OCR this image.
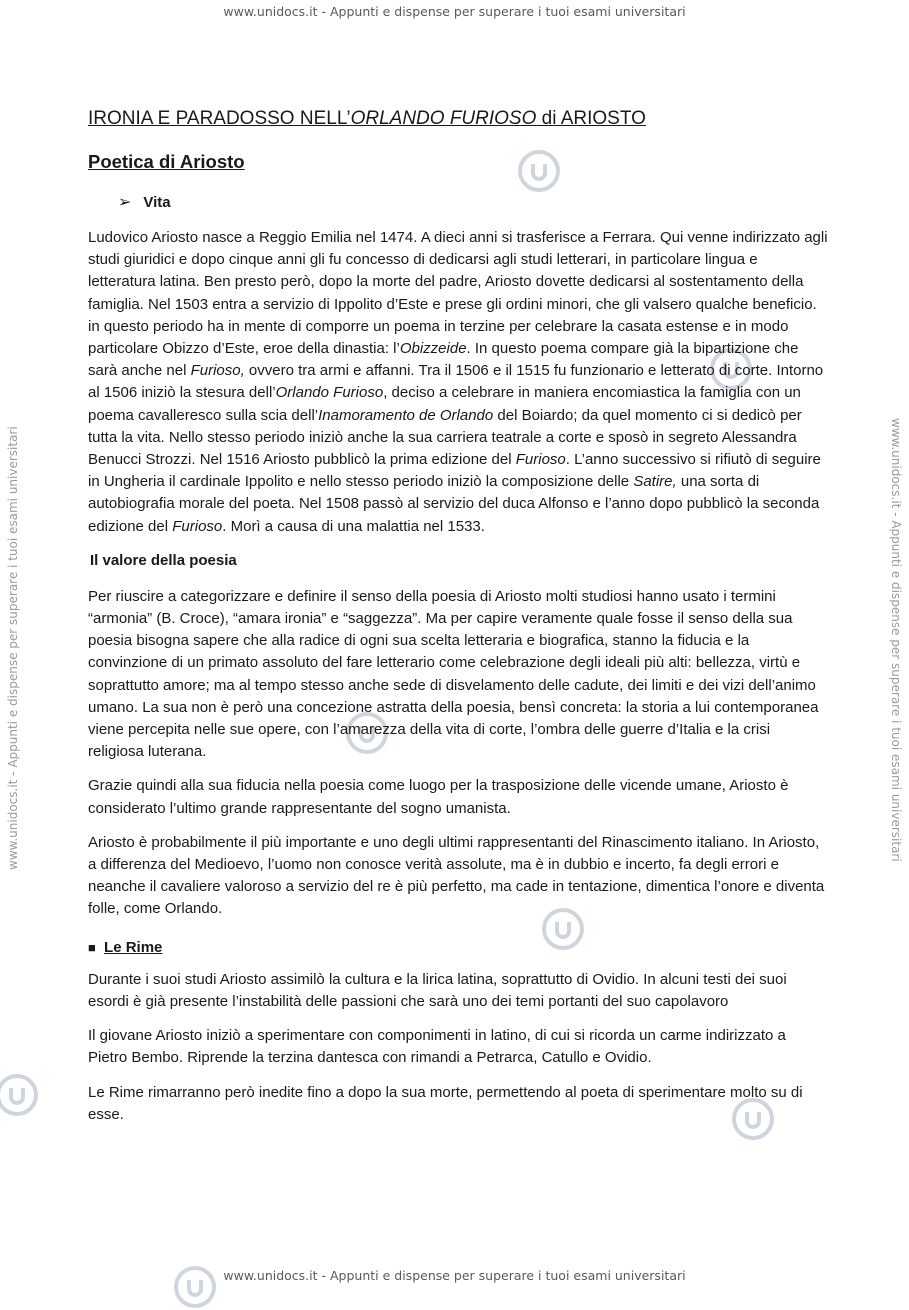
www.unidocs.it - Appunti e dispense per superare i tuoi esami universitari
www.unidocs.it - Appunti e dispense per superare i tuoi esami universitari
www.unidocs.it - Appunti e dispense per superare i tuoi esami universitari	www.unidocs.it - Appunti e dispense per superare i tuoi esami universitari
IRONIA E PARADOSSO NELL’ORLANDO FURIOSO di ARIOSTO
Poetica di Ariosto
➢ Vita

Ludovico Ariosto nasce a Reggio Emilia nel 1474. A dieci anni si trasferisce a Ferrara. Qui venne indirizzato agli studi giuridici e dopo cinque anni gli fu concesso di dedicarsi agli studi letterari, in particolare lingua e letteratura latina. Ben presto però, dopo la morte del padre, Ariosto dovette dedicarsi al sostentamento della famiglia. Nel 1503 entra a servizio di Ippolito d’Este e prese gli ordini minori, che gli valsero qualche beneficio. in questo periodo ha in mente di comporre un poema in terzine per celebrare la casata estense e in modo particolare Obizzo d’Este, eroe della dinastia: l’Obizzeide. In questo poema compare già la bipartizione che sarà anche nel Furioso, ovvero tra armi e affanni. Tra il 1506 e il 1515 fu funzionario e letterato di corte. Intorno al 1506 iniziò la stesura dell’Orlando Furioso, deciso a celebrare in maniera encomiastica la famiglia con un poema cavalleresco sulla scia dell’Inamoramento de Orlando del Boiardo; da quel momento ci si dedicò per tutta la vita. Nello stesso periodo iniziò anche la sua carriera teatrale a corte e sposò in segreto Alessandra Benucci Strozzi. Nel 1516 Ariosto pubblicò la prima edizione del Furioso. L’anno successivo si rifiutò di seguire in Ungheria il cardinale Ippolito e nello stesso periodo iniziò la composizione delle Satire, una sorta di autobiografia morale del poeta. Nel 1508 passò al servizio del duca Alfonso e l’anno dopo pubblicò la seconda edizione del Furioso. Morì a causa di una malattia nel 1533.

Il valore della poesia

Per riuscire a categorizzare e definire il senso della poesia di Ariosto molti studiosi hanno usato i termini “armonia” (B. Croce), “amara ironia” e “saggezza”. Ma per capire veramente quale fosse il senso della sua poesia bisogna sapere che alla radice di ogni sua scelta letteraria e biografica, stanno la fiducia e la convinzione di un primato assoluto del fare letterario come celebrazione degli ideali più alti: bellezza, virtù e soprattutto amore; ma al tempo stesso anche sede di disvelamento delle cadute, dei limiti e dei vizi dell’animo umano. La sua non è però una concezione astratta della poesia, bensì concreta: la storia a lui contemporanea viene percepita nelle sue opere, con l’amarezza della vita di corte, l’ombra delle guerre d’Italia e la crisi religiosa luterana.

Grazie quindi alla sua fiducia nella poesia come luogo per la trasposizione delle vicende umane, Ariosto è considerato l’ultimo grande rappresentante del sogno umanista.

Ariosto è probabilmente il più importante e uno degli ultimi rappresentanti del Rinascimento italiano. In Ariosto, a differenza del Medioevo, l’uomo non conosce verità assolute, ma è in dubbio e incerto, fa degli errori e neanche il cavaliere valoroso a servizio del re è più perfetto, ma cade in tentazione, dimentica l’onore e diventa folle, come Orlando.

■ Le Rime

Durante i suoi studi Ariosto assimilò la cultura e la lirica latina, soprattutto di Ovidio. In alcuni testi dei suoi esordi è già presente l’instabilità delle passioni che sarà uno dei temi portanti del suo capolavoro

Il giovane Ariosto iniziò a sperimentare con componimenti in latino, di cui si ricorda un carme indirizzato a Pietro Bembo. Riprende la terzina dantesca con rimandi a Petrarca, Catullo e Ovidio.

Le Rime rimarranno però inedite fino a dopo la sua morte, permettendo al poeta di sperimentare molto su di esse.
